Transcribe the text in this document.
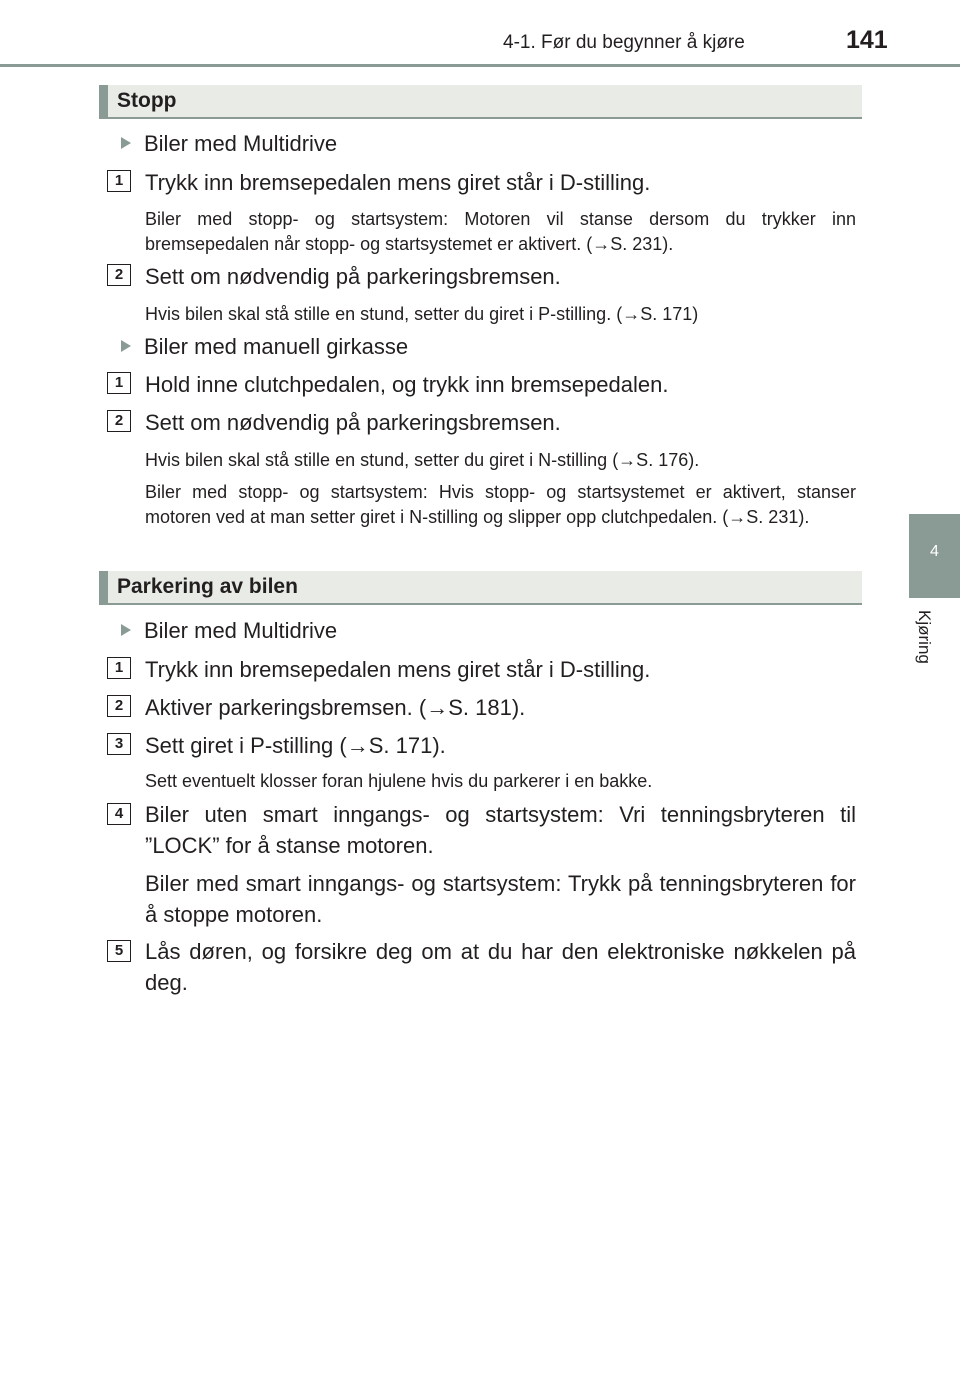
4-1. Før du begynner å kjøre	141
4
Kjøring
Stopp
Biler med Multidrive
1 Trykk inn bremsepedalen mens giret står i D-stilling.
Biler med stopp- og startsystem: Motoren vil stanse dersom du trykker inn bremsepedalen når stopp- og startsystemet er aktivert. (→S. 231).
2 Sett om nødvendig på parkeringsbremsen.
Hvis bilen skal stå stille en stund, setter du giret i P-stilling. (→S. 171)
Biler med manuell girkasse
1 Hold inne clutchpedalen, og trykk inn bremsepedalen.
2 Sett om nødvendig på parkeringsbremsen.
Hvis bilen skal stå stille en stund, setter du giret i N-stilling (→S. 176).
Biler med stopp- og startsystem: Hvis stopp- og startsystemet er aktivert, stanser motoren ved at man setter giret i N-stilling og slipper opp clutchpedalen. (→S. 231).
Parkering av bilen
Biler med Multidrive
1 Trykk inn bremsepedalen mens giret står i D-stilling.
2 Aktiver parkeringsbremsen. (→S. 181).
3 Sett giret i P-stilling (→S. 171).
Sett eventuelt klosser foran hjulene hvis du parkerer i en bakke.
4 Biler uten smart inngangs- og startsystem: Vri tenningsbryteren til ”LOCK” for å stanse motoren.
Biler med smart inngangs- og startsystem: Trykk på tenningsbryteren for å stoppe motoren.
5 Lås døren, og forsikre deg om at du har den elektroniske nøkkelen på deg.
